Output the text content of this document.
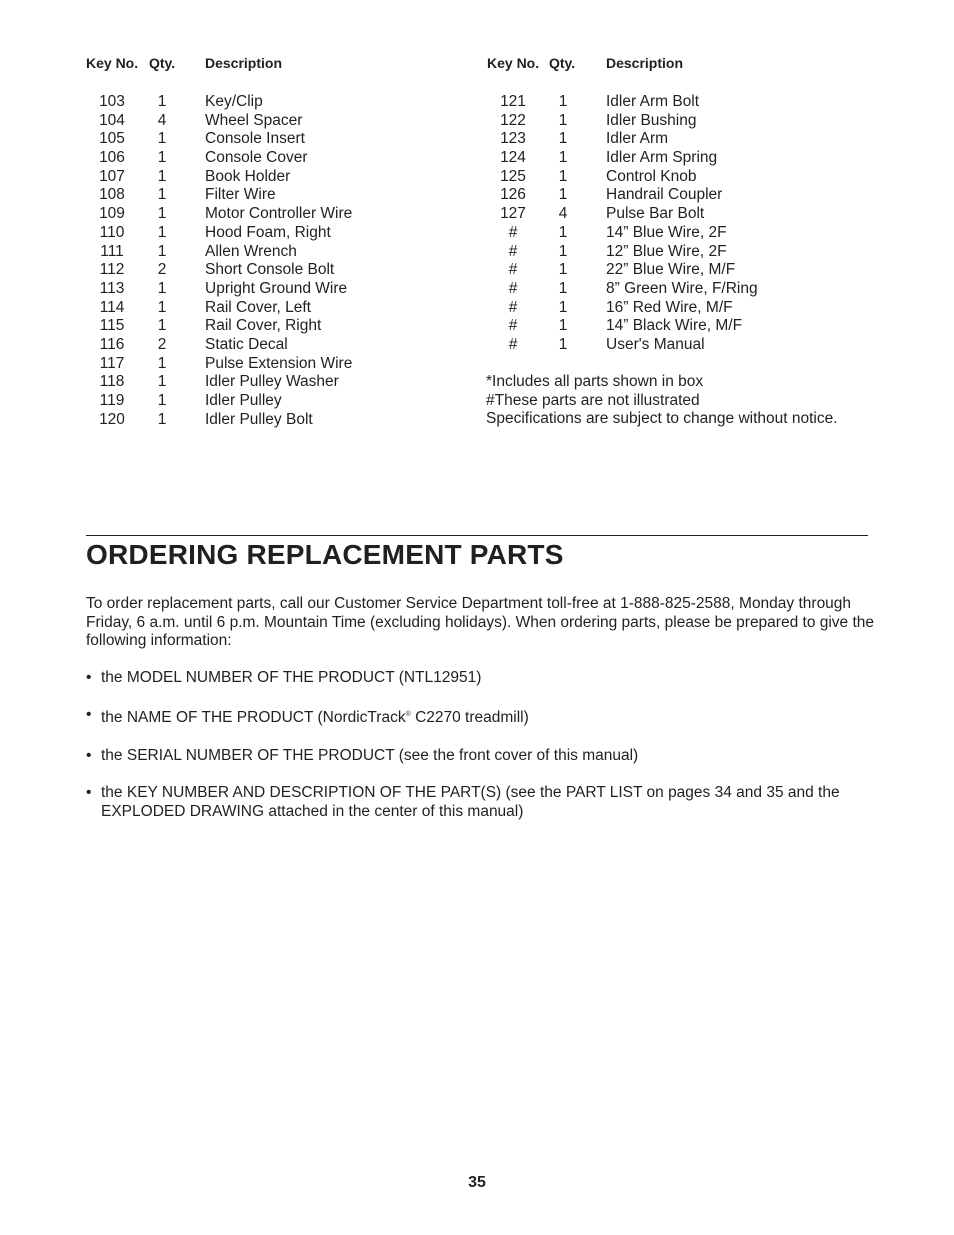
Key No. Qty. Description	Key No. Qty. Description
103	1	Key/Clip
104	4	Wheel Spacer
105	1	Console Insert
106	1	Console Cover
107	1	Book Holder
108	1	Filter Wire
109	1	Motor Controller Wire
110	1	Hood Foam, Right
111	1	Allen Wrench
112	2	Short Console Bolt
113	1	Upright Ground Wire
114	1	Rail Cover, Left
115	1	Rail Cover, Right
116	2	Static Decal
117	1	Pulse Extension Wire
118	1	Idler Pulley Washer
119	1	Idler Pulley
120	1	Idler Pulley Bolt
121	1	Idler Arm Bolt
122	1	Idler Bushing
123	1	Idler Arm
124	1	Idler Arm Spring
125	1	Control Knob
126	1	Handrail Coupler
127	4	Pulse Bar Bolt
#	1	14” Blue Wire, 2F
#	1	12” Blue Wire, 2F
#	1	22” Blue Wire, M/F
#	1	8” Green Wire, F/Ring
#	1	16” Red Wire, M/F
#	1	14” Black Wire, M/F
#	1	User's Manual
*Includes all parts shown in box
#These parts are not illustrated
Specifications are subject to change without notice.
ORDERING REPLACEMENT PARTS

To order replacement parts, call our Customer Service Department toll-free at 1-888-825-2588, Monday through Friday, 6 a.m. until 6 p.m. Mountain Time (excluding holidays). When ordering parts, please be prepared to give the following information:

• the MODEL NUMBER OF THE PRODUCT (NTL12951)
• the NAME OF THE PRODUCT (NordicTrack® C2270 treadmill)
• the SERIAL NUMBER OF THE PRODUCT (see the front cover of this manual)
• the KEY NUMBER AND DESCRIPTION OF THE PART(S) (see the PART LIST on pages 34 and 35 and the EXPLODED DRAWING attached in the center of this manual)
35
